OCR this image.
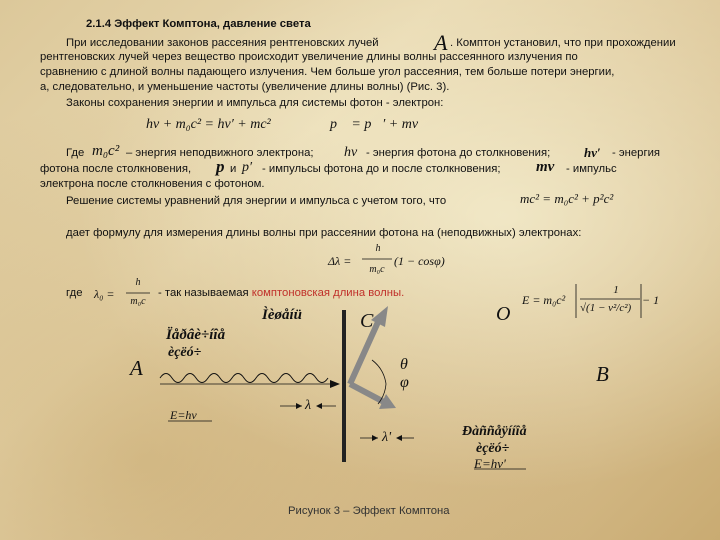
2.1.4 Эффект Комптона, давление света
При исследовании законов рассеяния рентгеновских лучей	A . Комптон установил, что при прохождении
рентгеновских лучей через вещество происходит увеличение длины волны рассеянного излучения по
сравнению с длиной волны падающего излучения. Чем больше угол рассеяния, тем больше потери энергии,
а, следовательно, и уменьшение частоты (увеличение длины волны) (Рис. 3).
Законы сохранения энергии и импульса для системы фотон - электрон:
hν + m₀c² = hν′ + mc²	p⃗ = p⃗′ + mv⃗
Где m₀c² – энергия неподвижного электрона; hν - энергия фотона до столкновения;	hν′ - энергия
фотона после столкновения, p и p′ - импульсы фотона до и после столкновения; mv - импульс
электрона после столкновения с фотоном.
Решение системы уравнений для энергии и импульса с учетом того, что	mc² = m₀c² + p²c²
дает формулу для измерения длины волны при рассеянии фотона на (неподвижных) электронах:
Δλ =
h
m₀c
(1 − cosφ)
где λ₀ =
h
m₀c
- так называемая комптоновская длина волны.	E = m₀c²
1
√(1 − v²/c²)
− 1
Ìèøåíü	C	O
Ïåðâè÷íîå
èçëó÷
A	B
θ
φ
E=hν
λ
λ'	Ðàññåÿííîå
èçëó÷
E=hν'
Рисунок 3 – Эффект Комптона
